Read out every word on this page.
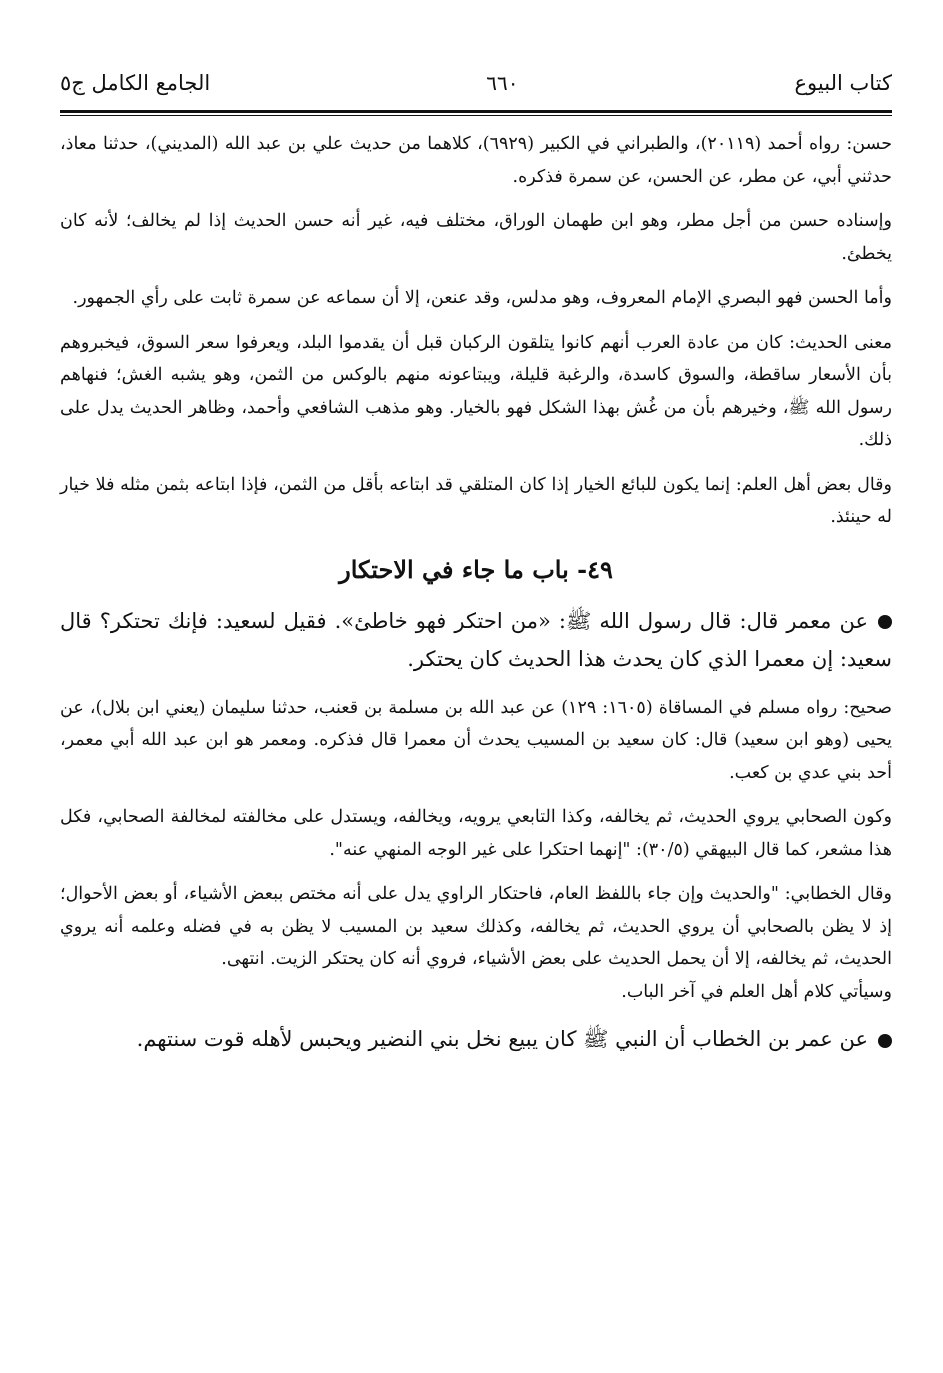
كتاب البيوع
٦٦٠
الجامع الكامل ج٥

حسن: رواه أحمد (٢٠١١٩)، والطبراني في الكبير (٦٩٢٩)، كلاهما من حديث علي بن عبد الله (المديني)، حدثنا معاذ، حدثني أبي، عن مطر، عن الحسن، عن سمرة فذكره.

وإسناده حسن من أجل مطر، وهو ابن طهمان الوراق، مختلف فيه، غير أنه حسن الحديث إذا لم يخالف؛ لأنه كان يخطئ.

وأما الحسن فهو البصري الإمام المعروف، وهو مدلس، وقد عنعن، إلا أن سماعه عن سمرة ثابت على رأي الجمهور.

معنى الحديث: كان من عادة العرب أنهم كانوا يتلقون الركبان قبل أن يقدموا البلد، ويعرفوا سعر السوق، فيخبروهم بأن الأسعار ساقطة، والسوق كاسدة، والرغبة قليلة، ويبتاعونه منهم بالوكس من الثمن، وهو يشبه الغش؛ فنهاهم رسول الله ﷺ، وخيرهم بأن من غُش بهذا الشكل فهو بالخيار. وهو مذهب الشافعي وأحمد، وظاهر الحديث يدل على ذلك.

وقال بعض أهل العلم: إنما يكون للبائع الخيار إذا كان المتلقي قد ابتاعه بأقل من الثمن، فإذا ابتاعه بثمن مثله فلا خيار له حينئذ.

٤٩- باب ما جاء في الاحتكار

عن معمر قال: قال رسول الله ﷺ: «من احتكر فهو خاطئ». فقيل لسعيد: فإنك تحتكر؟ قال سعيد: إن معمرا الذي كان يحدث هذا الحديث كان يحتكر.

صحيح: رواه مسلم في المساقاة (١٦٠٥: ١٢٩) عن عبد الله بن مسلمة بن قعنب، حدثنا سليمان (يعني ابن بلال)، عن يحيى (وهو ابن سعيد) قال: كان سعيد بن المسيب يحدث أن معمرا قال فذكره. ومعمر هو ابن عبد الله أبي معمر، أحد بني عدي بن كعب.

وكون الصحابي يروي الحديث، ثم يخالفه، وكذا التابعي يرويه، ويخالفه، ويستدل على مخالفته لمخالفة الصحابي، فكل هذا مشعر، كما قال البيهقي (٣٠/٥): "إنهما احتكرا على غير الوجه المنهي عنه".

وقال الخطابي: "والحديث وإن جاء باللفظ العام، فاحتكار الراوي يدل على أنه مختص ببعض الأشياء، أو بعض الأحوال؛ إذ لا يظن بالصحابي أن يروي الحديث، ثم يخالفه، وكذلك سعيد بن المسيب لا يظن به في فضله وعلمه أنه يروي الحديث، ثم يخالفه، إلا أن يحمل الحديث على بعض الأشياء، فروي أنه كان يحتكر الزيت. انتهى.

وسيأتي كلام أهل العلم في آخر الباب.

عن عمر بن الخطاب أن النبي ﷺ كان يبيع نخل بني النضير ويحبس لأهله قوت سنتهم.
